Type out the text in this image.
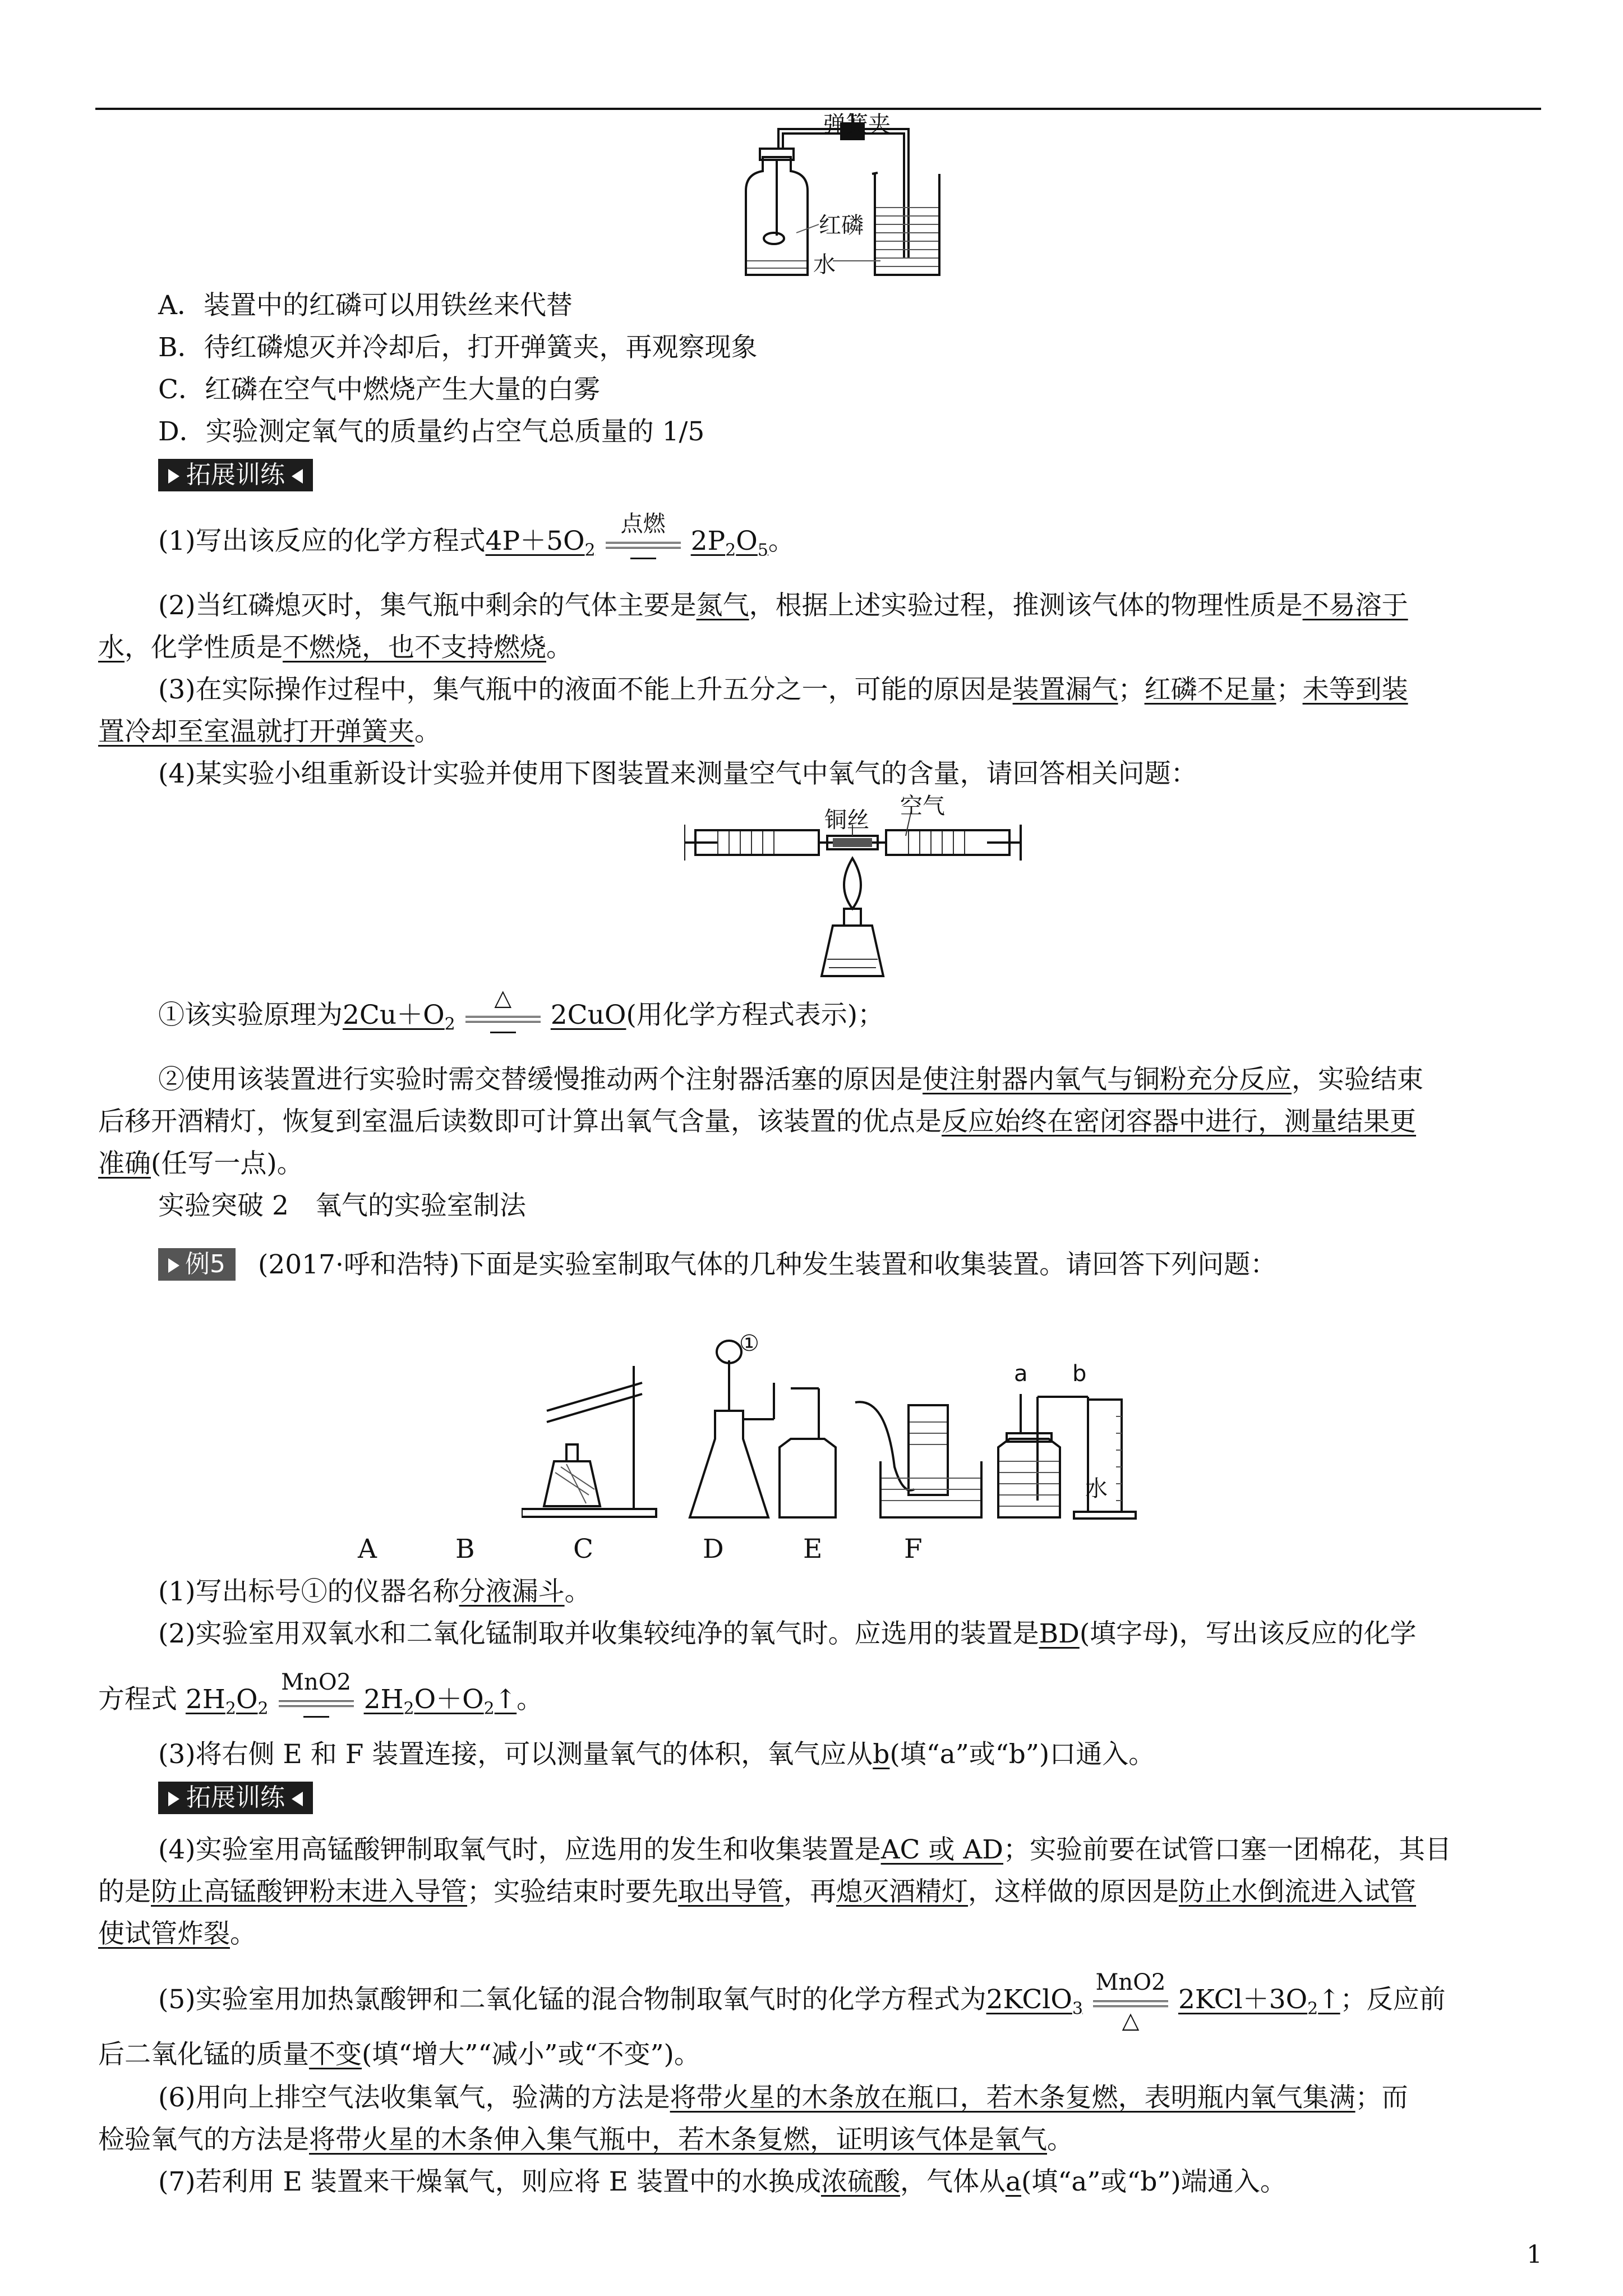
弹簧夹
红磷
水
A．装置中的红磷可以用铁丝来代替
B．待红磷熄灭并冷却后，打开弹簧夹，再观察现象
C．红磷在空气中燃烧产生大量的白雾
D．实验测定氧气的质量约占空气总质量的 1/5
拓展训练
(1)写出该反应的化学方程式$4P+5O_2$
点燃
$2P_2O_5$。
(2)当红磷熄灭时，集气瓶中剩余的气体主要是氮气，根据上述实验过程，推测该气体的物理性质是不易溶于
水，化学性质是不燃烧，也不支持燃烧。
(3)在实际操作过程中，集气瓶中的液面不能上升五分之一，可能的原因是装置漏气；红磷不足量；未等到装
置冷却至室温就打开弹簧夹。
(4)某实验小组重新设计实验并使用下图装置来测量空气中氧气的含量，请回答相关问题：
铜丝
空气
①该实验原理为$2Cu+O_2$
△
2CuO(用化学方程式表示)；
②使用该装置进行实验时需交替缓慢推动两个注射器活塞的原因是使注射器内氧气与铜粉充分反应，实验结束
后移开酒精灯，恢复到室温后读数即可计算出氧气含量，该装置的优点是反应始终在密闭容器中进行，测量结果更
准确(任写一点)。
实验突破 2　氧气的实验室制法
例5	(2017·呼和浩特)下面是实验室制取气体的几种发生装置和收集装置。请回答下列问题：
①
a b
水
A	B	C	D	E	F
(1)写出标号①的仪器名称分液漏斗。
(2)实验室用双氧水和二氧化锰制取并收集较纯净的氧气时。应选用的装置是BD(填字母)，写出该反应的化学
方程式 $2H_2O_2$
MnO2
$2H_2O+O_2↑$。
(3)将右侧 E 和 F 装置连接，可以测量氧气的体积，氧气应从b(填“a”或“b”)口通入。
拓展训练
(4)实验室用高锰酸钾制取氧气时，应选用的发生和收集装置是AC 或 AD；实验前要在试管口塞一团棉花，其目
的是防止高锰酸钾粉末进入导管；实验结束时要先取出导管，再熄灭酒精灯，这样做的原因是防止水倒流进入试管
使试管炸裂。
(5)实验室用加热氯酸钾和二氧化锰的混合物制取氧气时的化学方程式为2KClO$_3$
MnO2
△
$2KCl+3O_2↑$；反应前
后二氧化锰的质量不变(填“增大”“减小”或“不变”)。
(6)用向上排空气法收集氧气，验满的方法是将带火星的木条放在瓶口，若木条复燃，表明瓶内氧气集满；而
检验氧气的方法是将带火星的木条伸入集气瓶中，若木条复燃，证明该气体是氧气。
(7)若利用 E 装置来干燥氧气，则应将 E 装置中的水换成浓硫酸，气体从a(填“a”或“b”)端通入。
1
